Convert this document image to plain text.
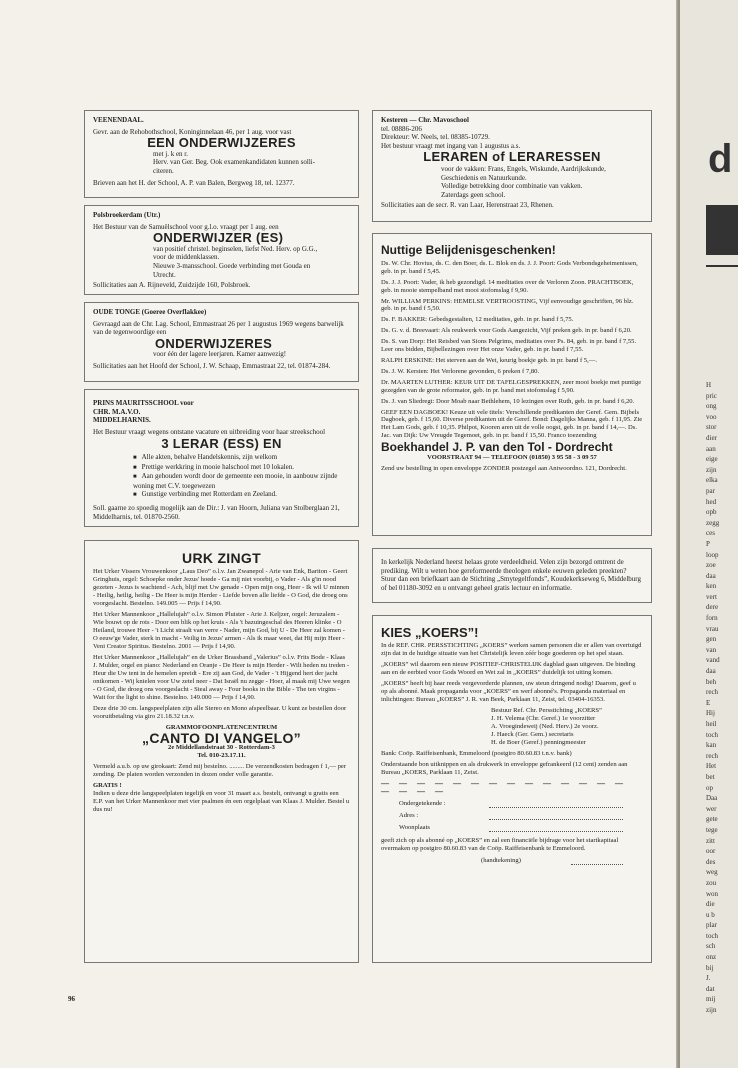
VEENENDAAL.

Gevr. aan de Rehobothschool, Koninginnelaan 46, per 1 aug. voor vast

EEN ONDERWIJZERES
met j. k en r.
Herv. van Ger. Beg. Ook examenkandidaten kunnen solli-
citeren.

Brieven aan het H. der School, A. P. van Balen, Bergweg 18, tel. 12377.

Polsbroekerdam (Utr.)

Het Bestuur van de Samuëlschool voor g.l.o. vraagt per 1 aug. een

ONDERWIJZER (ES)
van positief christel. beginselen, liefst Ned. Herv. op G.G.,
voor de middenklassen.
Nieuwe 3-mansschool. Goede verbinding met Gouda en
Utrecht.

Sollicitaties aan A. Rijneveld, Zuidzijde 160, Polsbroek.

OUDE TONGE (Goeree Overflakkee)

Gevraagd aan de Chr. Lag. School, Emmastraat 26 per 1 augustus 1969 wegens barwelijk van de tegenwoordige een

ONDERWIJZERES
voor één der lagere leerjaren. Kamer aanwezig!

Sollicitaties aan het Hoofd der School, J. W. Schaap, Emmastraat 22, tel. 01874-284.

PRINS MAURITSSCHOOL voor
CHR. M.A.V.O.
MIDDELHARNIS.

Het Bestuur vraagt wegens ontstane vacature en uitbreiding voor haar streekschool

3 LERAR (ESS) EN
■ Alle akten, behalve Handelskennis, zijn welkom
■ Prettige werkkring in mooie halschool met 10 lokalen.
■ Aan gehouden wordt door de gemeente een mooie, in aanbouw zijnde woning met C.V. toegewezen
■ Gunstige verbinding met Rotterdam en Zeeland.

Soll. gaarne zo spoedig mogelijk aan de Dir.: J. van Hoorn, Juliana van Stolberglaan 21, Middelharnis, tel. 01870-2560.

URK ZINGT

Het Urker Vissers Vrouwenkoor „Laus Deo” o.l.v. Jan Zwanepol - Arie van Enk, Bariton - Geert Gringhuis, orgel: Schoepke onder Jezus' hoede - Ga mij niet voorbij, o Vader - Als g'in nood gezeten - Jezus is wachtend - Ach, blijf met Uw genade - Open mijn oog, Heer - Ik wil U minnen - Heilig, heilig, heilig - De Heer is mijn Herder - Liefde boven alle liefde - O God, die droeg ons voorgeslacht. Bestelno. 149.005 — Prijs f 14,90.

Het Urker Mannenkoor „Hallelujah” o.l.v. Simon Pluister - Arie J. Keljzer, orgel: Jeruzalem - Wie bouwt op de rots - Door een blik op het kruis - Als 't bazuingeschal des Heeren klinke - O Heiland, trouwe Heer - 't Licht straalt van verre - Nader, mijn God, bij U - De Heer zal komen - O eeuw'ge Vader, sterk in macht - Veilig in Jezus' armen - Als ik maar weet, dat Hij mijn Heer - Veni Creator Spiritus. Bestelno. 2001 — Prijs f 14,90.

Het Urker Mannenkoor „Hallelujah” en de Urker Brassband „Valerius” o.l.v. Frits Bode - Klaas J. Mulder, orgel en piano: Nederland en Oranje - De Heer is mijn Herder - Wilt heden nu treden - Heur die Uw tent in de hemelen spreidt - Ere zij aan God, de Vader - 't Hijgend hert der jacht ontkomen - Wij knielen voor Uw zetel neer - Dat Israël nu zegge - Hoer, al maak mij Uwe wegen - O God, die droeg ons voorgeslacht - Steal away - Four books in the Bible - The ten virgins - Wait for the light to shine. Bestelno. 149.000 — Prijs f 14,90.

Deze drie 30 cm. langspeelplaten zijn alle Stereo en Mono afspeelbaar. U kunt ze bestellen door vooruitbetaling via giro 21.18.32 t.n.v.

GRAMMOFOONPLATENCENTRUM
„CANTO DI VANGELO”
2e Middellandstraat 30 - Rotterdam-3
Tel. 010-23.17.11.

Vermeld a.u.b. op uw girokaart: Zend mij bestelno. ......... De verzendkosten bedragen f 1,— per zending. De platen worden verzonden in dozen onder volle garantie.

GRATIS !

Indien u deze drie langspeelplaten tegelijk en voor 31 maart a.s. bestelt, ontvangt u gratis een E.P. van het Urker Mannenkoor met vier psalmen én een orgelplaat van Klaas J. Mulder. Bestel u dus nu!

Kesteren — Chr. Mavoschool

tel. 08886-206
Direkteur: W. Neels, tel. 08385-10729.

Het bestuur vraagt met ingang van 1 augustus a.s.

LERAREN of LERARESSEN
voor de vakken: Frans, Engels, Wiskunde, Aardrijkskunde,
Geschiedenis en Natuurkunde.
Volledige betrekking door combinatie van vakken.
Zaterdags geen school.

Sollicitaties aan de secr. R. van Laar, Herenstraat 23, Rhenen.

Nuttige Belijdenisgeschenken!

Ds. W. Chr. Hovius, ds. C. den Boer, ds. L. Blok en ds. J. J. Poort: Gods Verbondsgeheimenissen, geb. in pr. band f 5,45.

Ds. J. J. Poort: Vader, ik heb gezondigd. 14 meditaties over de Verloren Zoon. PRACHTBOEK, geb. in mooie stempelband met mooi stofomslag f 9,90.

Mr. WILLIAM PERKINS: HEMELSE VERTROOSTING, Vijf eenvoudige geschriften, 96 blz. geb. in pr. band f 5,50.

Ds. F. BAKKER: Gebedsgestalten, 12 meditaties, geb. in pr. band f 5,75.

Ds. G. v. d. Breevaart: Als reukwerk voor Gods Aangezicht, Vijf preken geb. in pr. band f 6,20.

Ds. S. van Dorp: Het Reisbed van Sions Pelgrims, meditaties over Ps. 84, geb. in pr. band f 7,55. Leer ons bidden, Bijbellezingen over Het onze Vader, geb. in pr. band f 7,55.

RALPH ERSKINE: Het sterven aan de Wet, keurig boekje geb. in pr. band f 5,—.

Ds. J. W. Kersten: Het Verlorene gevonden, 6 preken f 7,80.

Dr. MAARTEN LUTHER: KEUR UIT DE TAFELGESPREKKEN, zeer mooi boekje met puntige gezegden van de grote reformator, geb. in pr. band met stofomslag f 5,90.

Ds. J. van Sliedregt: Door Moab naar Bethlehem, 10 lezingen over Ruth, geb. in pr. band f 6,20.

GEEF EEN DAGBOEK! Keuze uit vele titels: Verschillende predikanten der Geref. Gem. Bijbels Dagboek, geb. f 15,60. Diverse predikanten uit de Geref. Bond: Dagelijks Manna, geb. f 11,95. Zie Het Lam Gods, geb. f 10,35. Philpot, Kooren aren uit de volle oogst, geb. in pr. band f 14,—. Ds. Jac. van Dijk: Uw Vreugde Tegemoet, geb. in pr. band f 15,50. Franco toezending

Boekhandel J. P. van den Tol - Dordrecht
VOORSTRAAT 94 — TELEFOON (01850) 3 95 58 - 3 09 57

Zend uw bestelling in open enveloppe ZONDER postzegel aan Antwoordno. 121, Dordrecht.

In kerkelijk Nederland heerst helaas grote verdeeldheid. Velen zijn bezorgd omtrent de prediking. Wilt u weten hoe gereformeerde theologen enkele eeuwen geleden preekten? Stuur dan een briefkaart aan de Stichting „Smytegeltfonds”, Koudekerkseweg 6, Middelburg of bel 01180-3092 en u ontvangt geheel gratis lectuur en informatie.

KIES „KOERS”!

In de REF. CHR. PERSSTICHTING „KOERS” werken samen personen die er allen van overtuigd zijn dat in de huidige situatie van het Christelijk leven zéér hoge goederen op het spel staan.

„KOERS” wil daarom een nieuw POSITIEF-CHRISTELIJK dagblad gaan uitgeven. De binding aan en de eerbied voor Gods Woord en Wet zal in „KOERS” duidelijk tot uiting komen.

„KOERS” heeft bij haar reeds vergevorderde plannen, uw steun dringend nodig! Daarom, geef u op als abonné. Maak propaganda voor „KOERS” en werf abonné's. Propaganda materiaal en inlichtingen: Bureau „KOERS” J. R. van Beek, Parklaan 11, Zeist, tel. 03404-16353.

Bestuur Ref. Chr. Persstichting „KOERS”
J. H. Velema (Chr. Geref.) 1e voorzitter
A. Vroegindeweij (Ned. Herv.) 2e voorz.
J. Haeck (Ger. Gem.) secretaris
H. de Boer (Geref.) penningmeester

Bank: Coöp. Raiffeisenbank, Emmeloord (postgiro 80.60.83 t.n.v. bank)

Onderstaande bon uitknippen en als drukwerk in enveloppe gefrankeerd (12 cent) zenden aan Bureau „KOERS, Parklaan 11, Zeist.

— — — — — — — — — — — — — — — — — —
Ondergetekende :
Adres :
Woonplaats

geeft zich op als abonné op „KOERS” en zal een financiële bijdrage voor het startkapitaal overmaken op postgiro 80.60.83 van de Coöp. Raiffeisenbank te Emmeloord.

(handtekening)
96
d
H
pric
ong
voo
stor
dier
aan
eige
zijn
elka
par
hed
opb
zegg
ces
P
loop
zoe
daa
ken
vert
dere
forn
vrau
gen
van
vand
daa
beh
rech
E
Hij
heil
toch
kan
rech
Het
bet
op
Daa
wer
gete
tege
zitt
oor
des
weg
zou
won
die
u b
plar
toch
sch
onz
bij
J.
dat
mij
zijn
